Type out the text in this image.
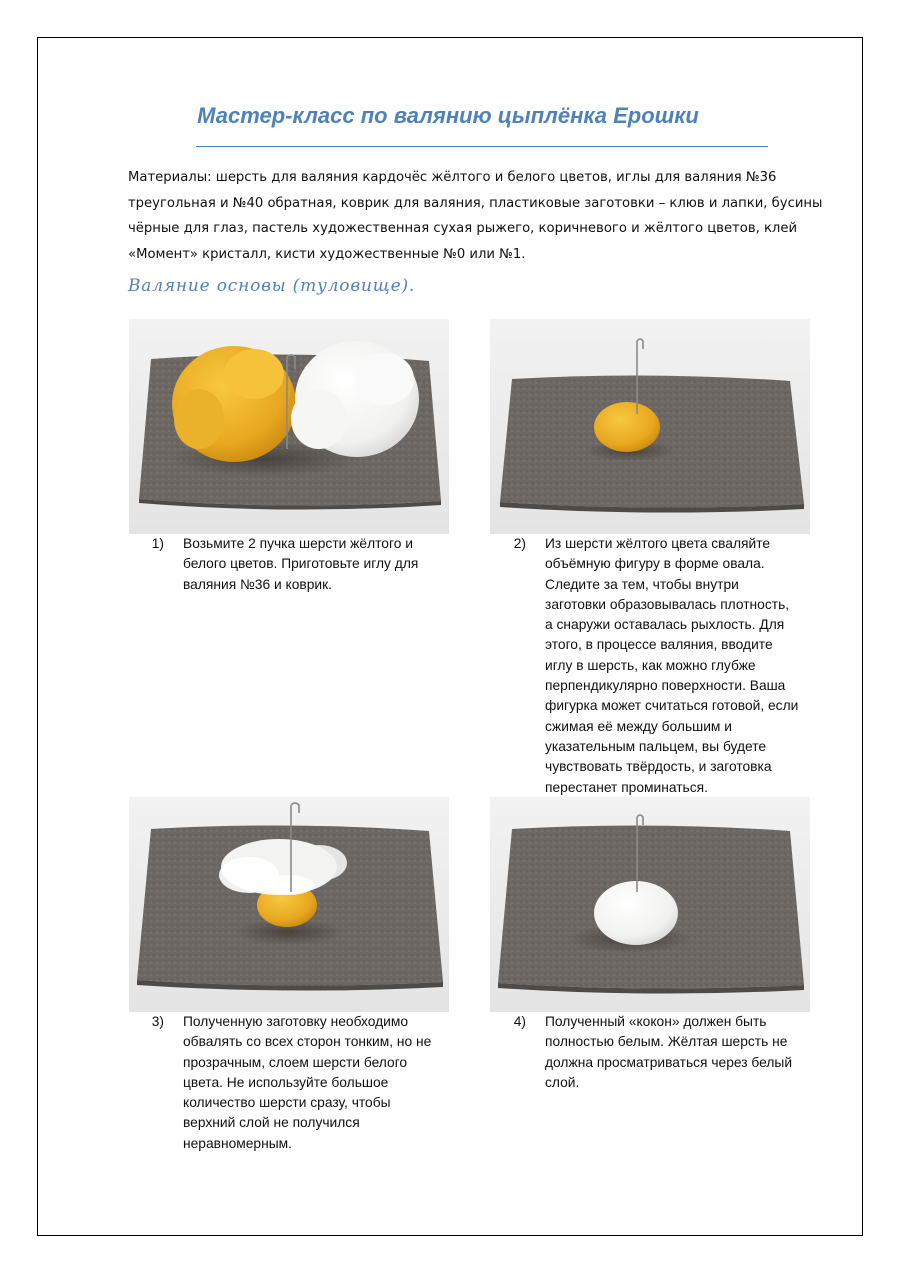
Мастер-класс по валянию цыплёнка Ерошки

Материалы: шерсть для валяния кардочёс жёлтого и белого цветов, иглы для валяния №36 треугольная и №40 обратная, коврик для валяния, пластиковые заготовки – клюв и лапки, бусины чёрные для глаз, пастель художественная сухая рыжего, коричневого и жёлтого цветов, клей «Момент» кристалл, кисти художественные №0 или №1.

Валяние основы (туловище).
1) Возьмите 2 пучка шерсти жёлтого и белого цветов. Приготовьте иглу для валяния №36 и коврик.
2) Из шерсти жёлтого цвета сваляйте объёмную фигуру в форме овала. Следите за тем, чтобы внутри заготовки образовывалась плотность, а снаружи оставалась рыхлость. Для этого, в процессе валяния, вводите иглу в шерсть, как можно глубже перпендикулярно поверхности. Ваша фигурка может считаться готовой, если сжимая её между большим и указательным пальцем, вы будете чувствовать твёрдость, и заготовка перестанет проминаться.
3) Полученную заготовку необходимо обвалять со всех сторон тонким, но не прозрачным, слоем шерсти белого цвета. Не используйте большое количество шерсти сразу, чтобы верхний слой не получился неравномерным.
4) Полученный «кокон» должен быть полностью белым. Жёлтая шерсть не должна просматриваться через белый слой.
